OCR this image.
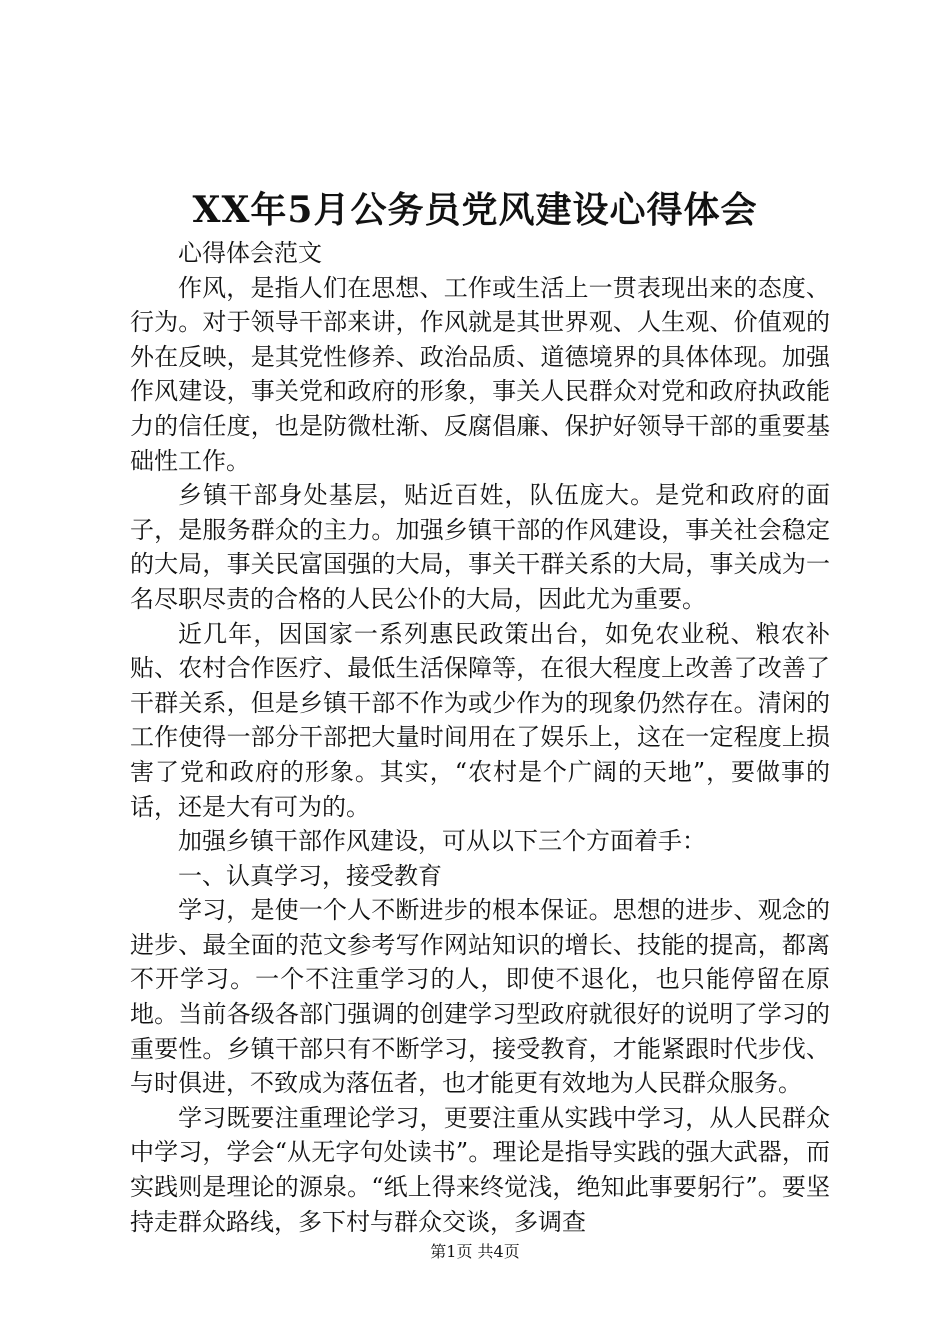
XX年5月公务员党风建设心得体会

心得体会范文

作风，是指人们在思想、工作或生活上一贯表现出来的态度、行为。对于领导干部来讲，作风就是其世界观、人生观、价值观的外在反映，是其党性修养、政治品质、道德境界的具体体现。加强作风建设，事关党和政府的形象，事关人民群众对党和政府执政能力的信任度，也是防微杜渐、反腐倡廉、保护好领导干部的重要基础性工作。

乡镇干部身处基层，贴近百姓，队伍庞大。是党和政府的面子，是服务群众的主力。加强乡镇干部的作风建设，事关社会稳定的大局，事关民富国强的大局，事关干群关系的大局，事关成为一名尽职尽责的合格的人民公仆的大局，因此尤为重要。

近几年，因国家一系列惠民政策出台，如免农业税、粮农补贴、农村合作医疗、最低生活保障等，在很大程度上改善了改善了干群关系，但是乡镇干部不作为或少作为的现象仍然存在。清闲的工作使得一部分干部把大量时间用在了娱乐上，这在一定程度上损害了党和政府的形象。其实，“农村是个广阔的天地”，要做事的话，还是大有可为的。

加强乡镇干部作风建设，可从以下三个方面着手：

一、认真学习，接受教育

学习，是使一个人不断进步的根本保证。思想的进步、观念的进步、最全面的范文参考写作网站知识的增长、技能的提高，都离不开学习。一个不注重学习的人，即使不退化，也只能停留在原地。当前各级各部门强调的创建学习型政府就很好的说明了学习的重要性。乡镇干部只有不断学习，接受教育，才能紧跟时代步伐、与时俱进，不致成为落伍者，也才能更有效地为人民群众服务。

学习既要注重理论学习，更要注重从实践中学习，从人民群众中学习，学会“从无字句处读书”。理论是指导实践的强大武器，而实践则是理论的源泉。“纸上得来终觉浅，绝知此事要躬行”。要坚持走群众路线，多下村与群众交谈，多调查

第1页 共4页
